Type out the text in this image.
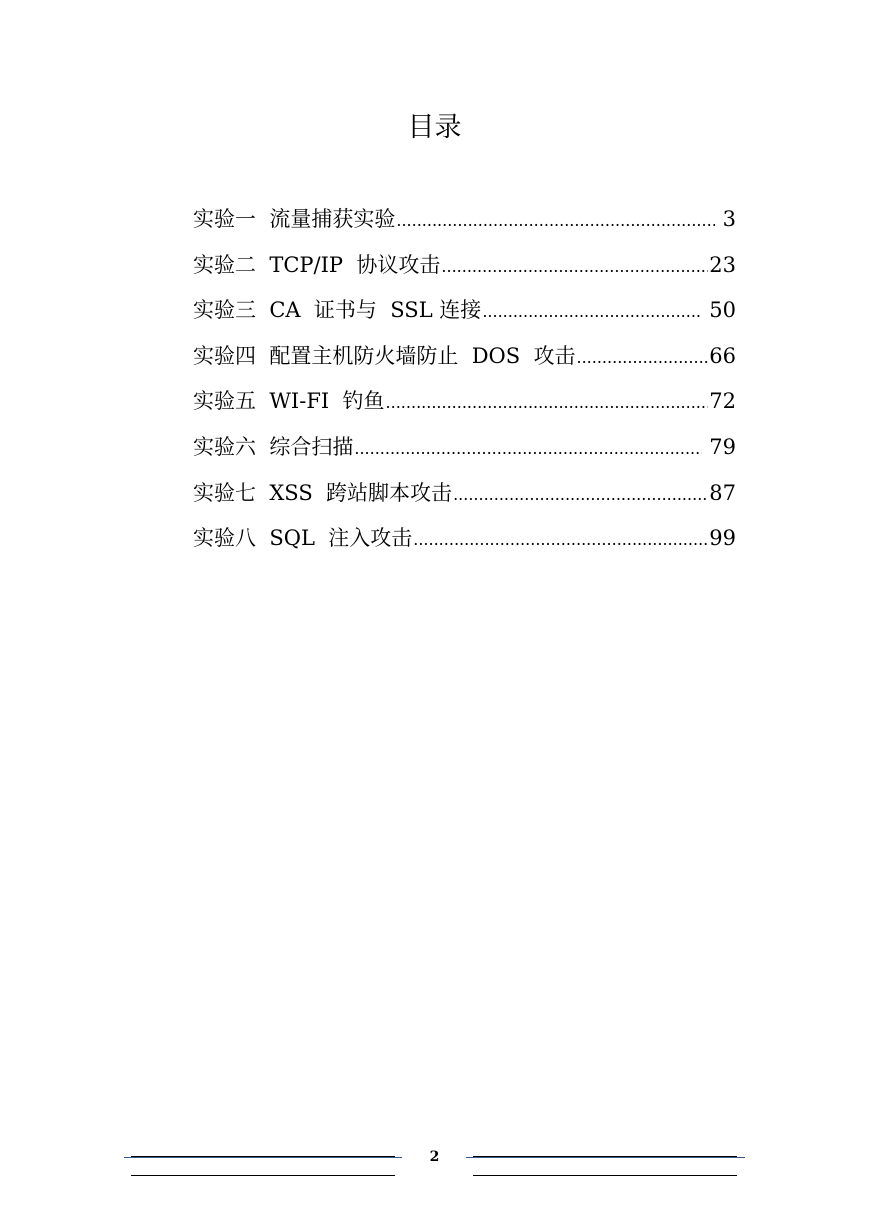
目录
实验一  流量捕获实验 .....	3
实验二  TCP/IP  协议攻击 .....	23
实验三  CA  证书与  SSL 连接 .....	50
实验四  配置主机防火墙防止  DOS  攻击 .....	66
实验五  WI-FI  钓鱼 .....	72
实验六  综合扫描 .....	79
实验七  XSS  跨站脚本攻击 .....	87
实验八  SQL  注入攻击 .....	99
2
